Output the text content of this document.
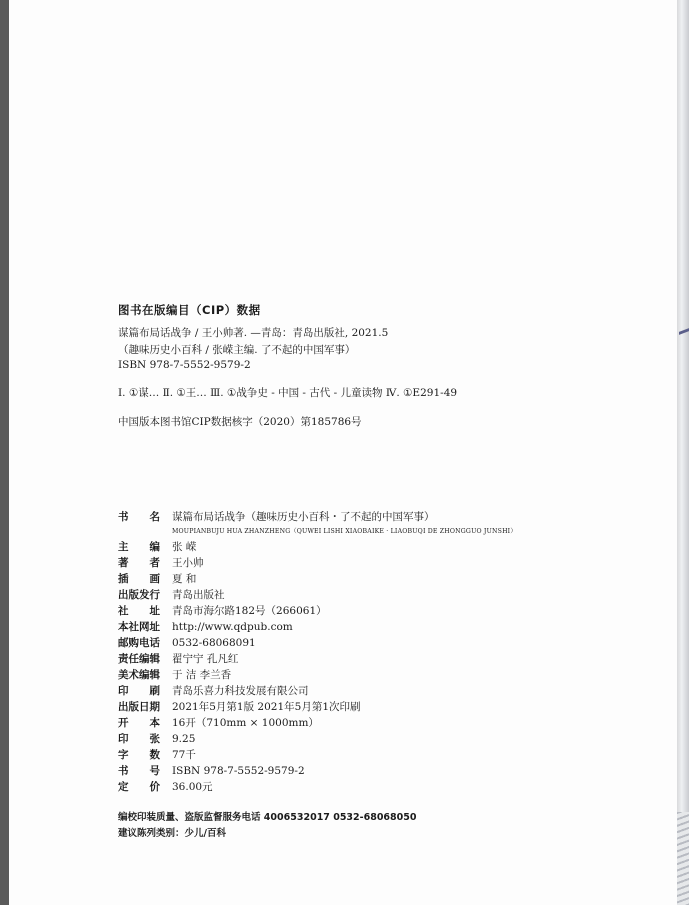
图书在版编目（CIP）数据
谋篇布局话战争 / 王小帅著. —青岛：青岛出版社, 2021.5
（趣味历史小百科 / 张嵘主编. 了不起的中国军事）
ISBN 978-7-5552-9579-2
Ⅰ. ①谋… Ⅱ. ①王… Ⅲ. ①战争史 - 中国 - 古代 - 儿童读物 Ⅳ. ①E291-49
中国版本图书馆CIP数据核字（2020）第185786号
书 名 谋篇布局话战争（趣味历史小百科・了不起的中国军事）
MOUPIANBUJU HUA ZHANZHENG（QUWEI LISHI XIAOBAIKE · LIAOBUQI DE ZHONGGUO JUNSHI）
主 编 张 嵘
著 者 王小帅
插 画 夏 和
出版发行	青岛出版社
社 址 青岛市海尔路182号（266061）
本社网址	http://www.qdpub.com
邮购电话	0532-68068091
责任编辑	翟宁宁 孔凡红
美术编辑	于 洁 李兰香
印 刷 青岛乐喜力科技发展有限公司
出版日期	2021年5月第1版 2021年5月第1次印刷
开 本 16开（710mm × 1000mm）
印 张 9.25
字 数 77千
书 号 ISBN 978-7-5552-9579-2
定 价 36.00元
编校印装质量、盗版监督服务电话 4006532017 0532-68068050
建议陈列类别：少儿/百科
